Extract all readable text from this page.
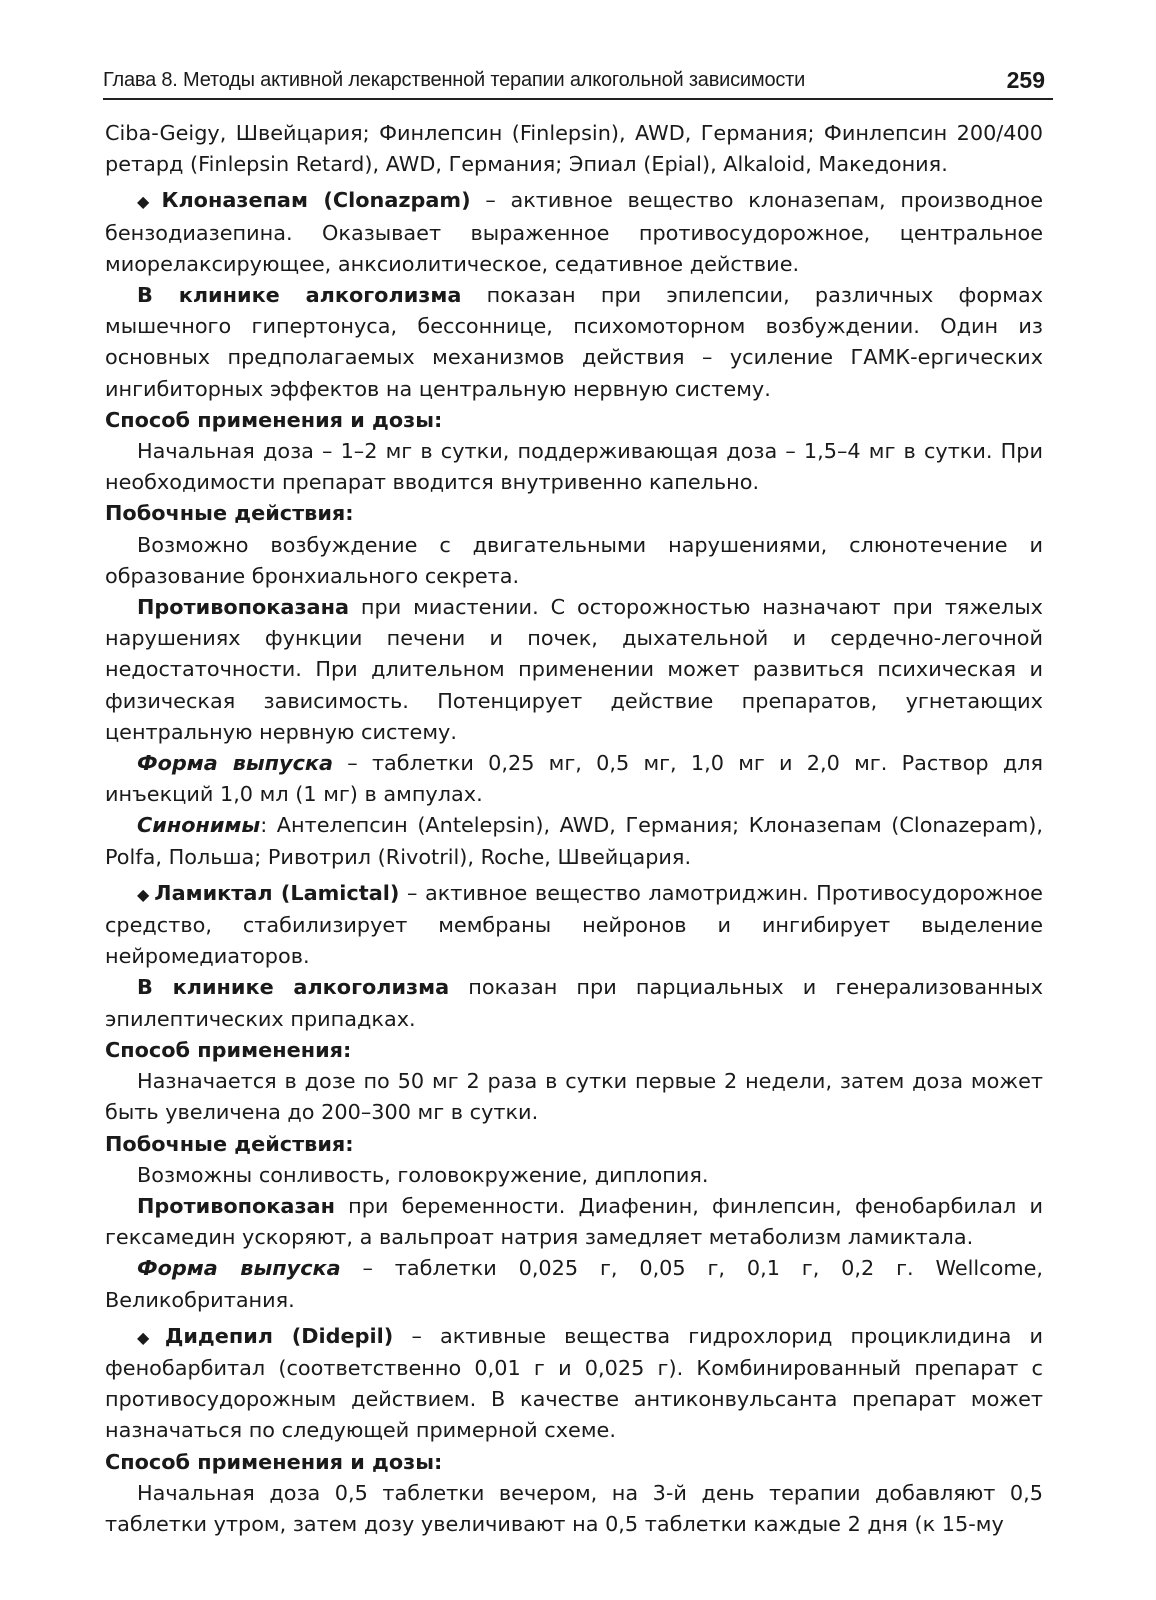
Глава 8. Методы активной лекарственной терапии алкогольной зависимости	259

Ciba-Geigy, Швейцария; Финлепсин (Finlepsin), AWD, Германия; Финлепсин 200/400 ретард (Finlepsin Retard), AWD, Германия; Эпиал (Epial), Alkaloid, Македония.

◆ Клоназепам (Clonazpam) – активное вещество клоназепам, производное бензодиазепина. Оказывает выраженное противосудорожное, центральное миорелаксирующее, анксиолитическое, седативное действие.

В клинике алкоголизма показан при эпилепсии, различных формах мышечного гипертонуса, бессоннице, психомоторном возбуждении. Один из основных предполагаемых механизмов действия – усиление ГАМК-ергических ингибиторных эффектов на центральную нервную систему.

Способ применения и дозы:

Начальная доза – 1–2 мг в сутки, поддерживающая доза – 1,5–4 мг в сутки. При необходимости препарат вводится внутривенно капельно.

Побочные действия:

Возможно возбуждение с двигательными нарушениями, слюнотечение и образование бронхиального секрета.

Противопоказана при миастении. С осторожностью назначают при тяжелых нарушениях функции печени и почек, дыхательной и сердечно-легочной недостаточности. При длительном применении может развиться психическая и физическая зависимость. Потенцирует действие препаратов, угнетающих центральную нервную систему.

Форма выпуска – таблетки 0,25 мг, 0,5 мг, 1,0 мг и 2,0 мг. Раствор для инъекций 1,0 мл (1 мг) в ампулах.

Синонимы: Антелепсин (Antelepsin), AWD, Германия; Клоназепам (Clonazepam), Polfa, Польша; Ривотрил (Rivotril), Roche, Швейцария.

◆ Ламиктал (Lamictal) – активное вещество ламотриджин. Противосудорожное средство, стабилизирует мембраны нейронов и ингибирует выделение нейромедиаторов.

В клинике алкоголизма показан при парциальных и генерализованных эпилептических припадках.

Способ применения:

Назначается в дозе по 50 мг 2 раза в сутки первые 2 недели, затем доза может быть увеличена до 200–300 мг в сутки.

Побочные действия:

Возможны сонливость, головокружение, диплопия.

Противопоказан при беременности. Диафенин, финлепсин, фенобарбилал и гексамедин ускоряют, а вальпроат натрия замедляет метаболизм ламиктала.

Форма выпуска – таблетки 0,025 г, 0,05 г, 0,1 г, 0,2 г. Wellcome, Великобритания.

◆ Дидепил (Didepil) – активные вещества гидрохлорид проциклидина и фенобарбитал (соответственно 0,01 г и 0,025 г). Комбинированный препарат с противосудорожным действием. В качестве антиконвульсанта препарат может назначаться по следующей примерной схеме.

Способ применения и дозы:

Начальная доза 0,5 таблетки вечером, на 3-й день терапии добавляют 0,5 таблетки утром, затем дозу увеличивают на 0,5 таблетки каждые 2 дня (к 15-му
